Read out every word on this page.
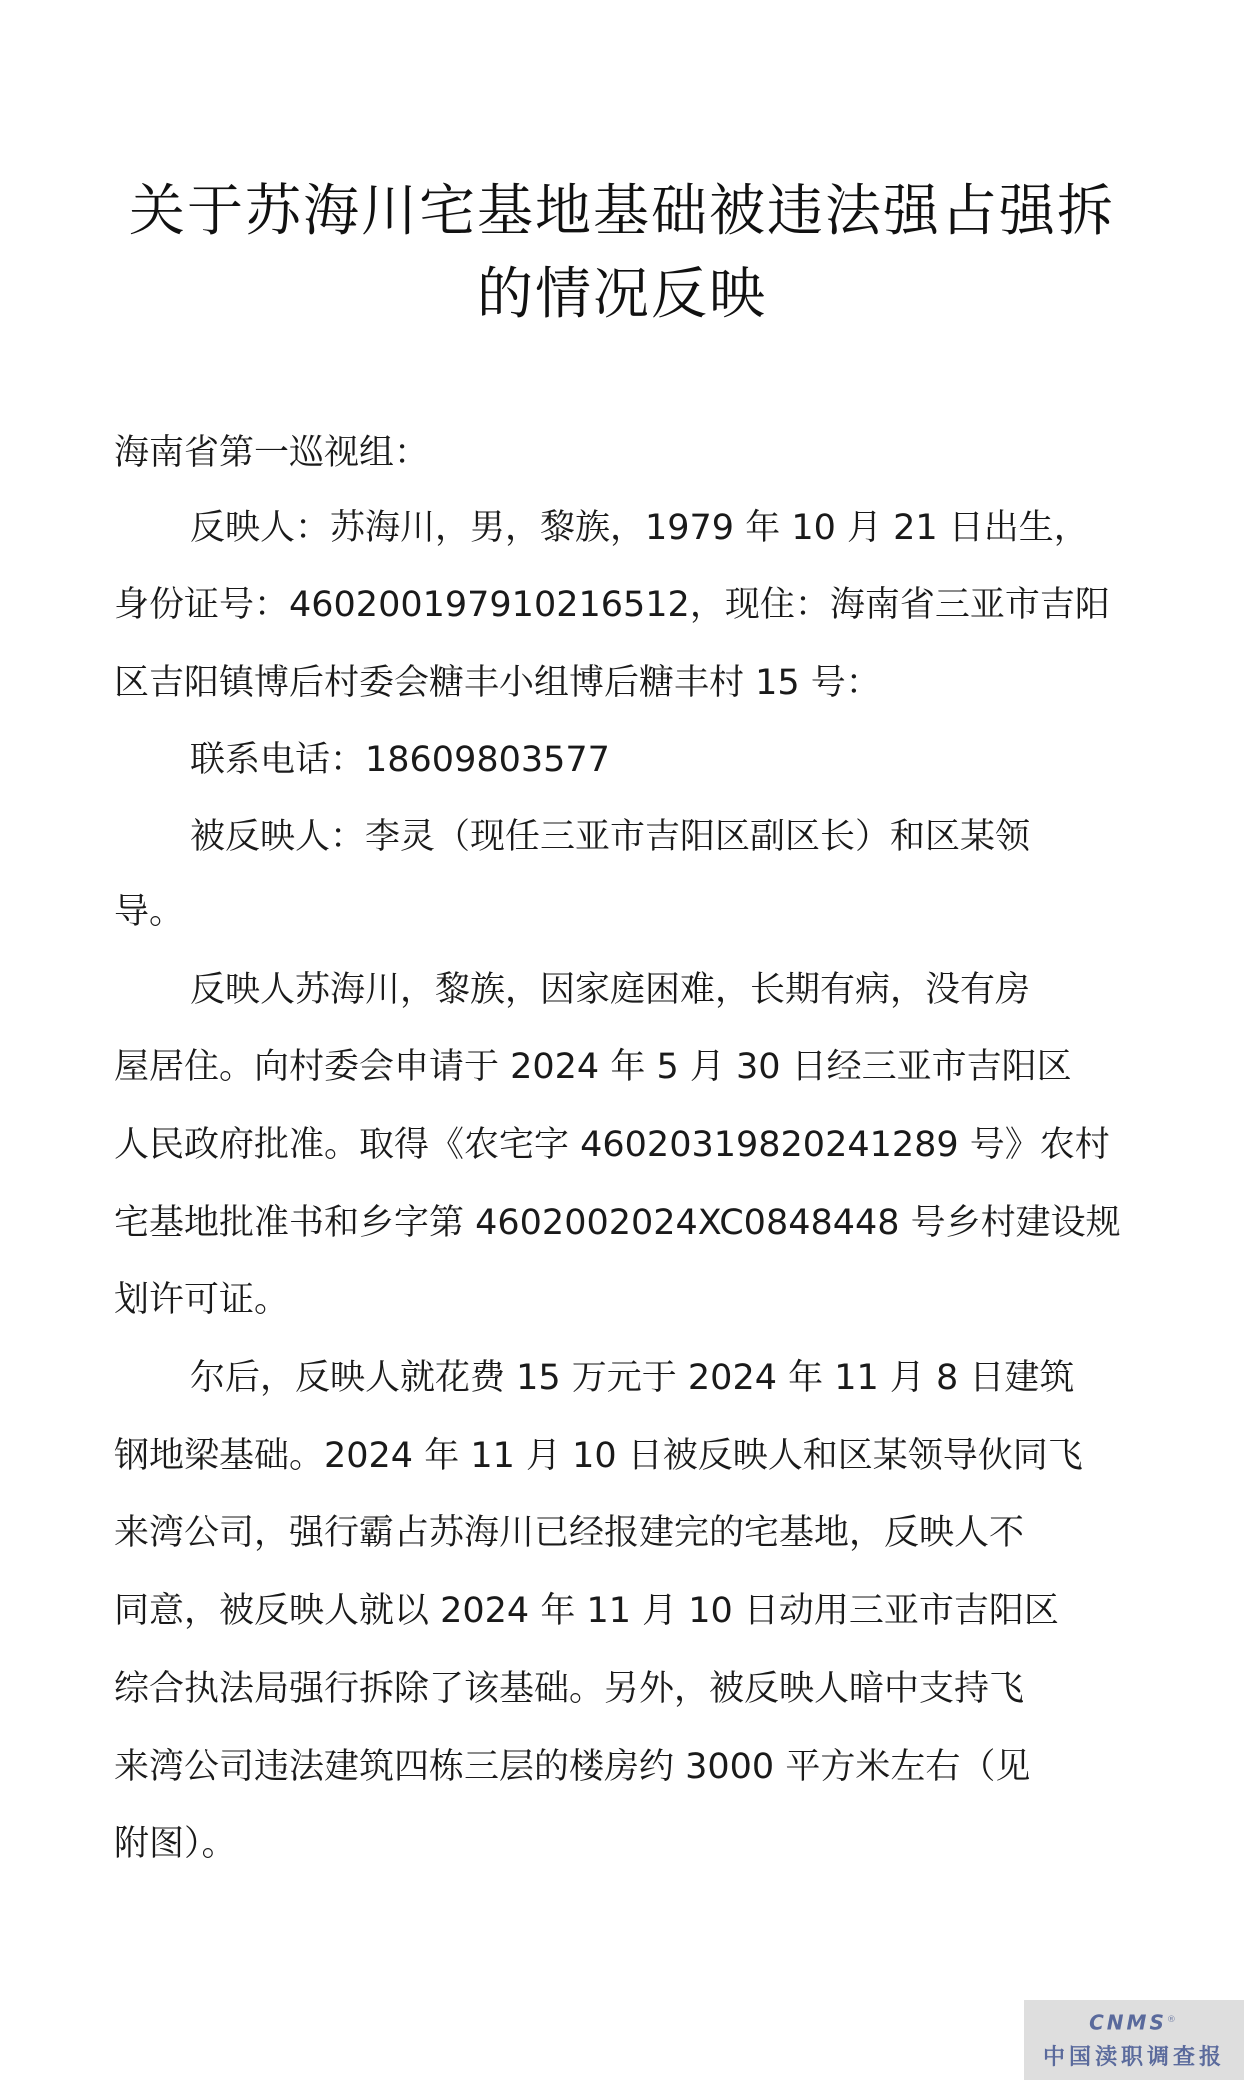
关于苏海川宅基地基础被违法强占强拆
的情况反映
海南省第一巡视组：
反映人：苏海川，男，黎族，1979 年 10 月 21 日出生，
身份证号：460200197910216512，现住：海南省三亚市吉阳
区吉阳镇博后村委会糖丰小组博后糖丰村 15 号：
联系电话：18609803577
被反映人：李灵（现任三亚市吉阳区副区长）和区某领
导。
反映人苏海川，黎族，因家庭困难，长期有病，没有房
屋居住。向村委会申请于 2024 年 5 月 30 日经三亚市吉阳区
人民政府批准。取得《农宅字 46020319820241289 号》农村
宅基地批准书和乡字第 4602002024XC0848448 号乡村建设规
划许可证。
尔后，反映人就花费 15 万元于 2024 年 11 月 8 日建筑
钢地梁基础。2024 年 11 月 10 日被反映人和区某领导伙同飞
来湾公司，强行霸占苏海川已经报建完的宅基地，反映人不
同意，被反映人就以 2024 年 11 月 10 日动用三亚市吉阳区
综合执法局强行拆除了该基础。另外，被反映人暗中支持飞
来湾公司违法建筑四栋三层的楼房约 3000 平方米左右（见
附图）。
CNMS®
中国渎职调查报
